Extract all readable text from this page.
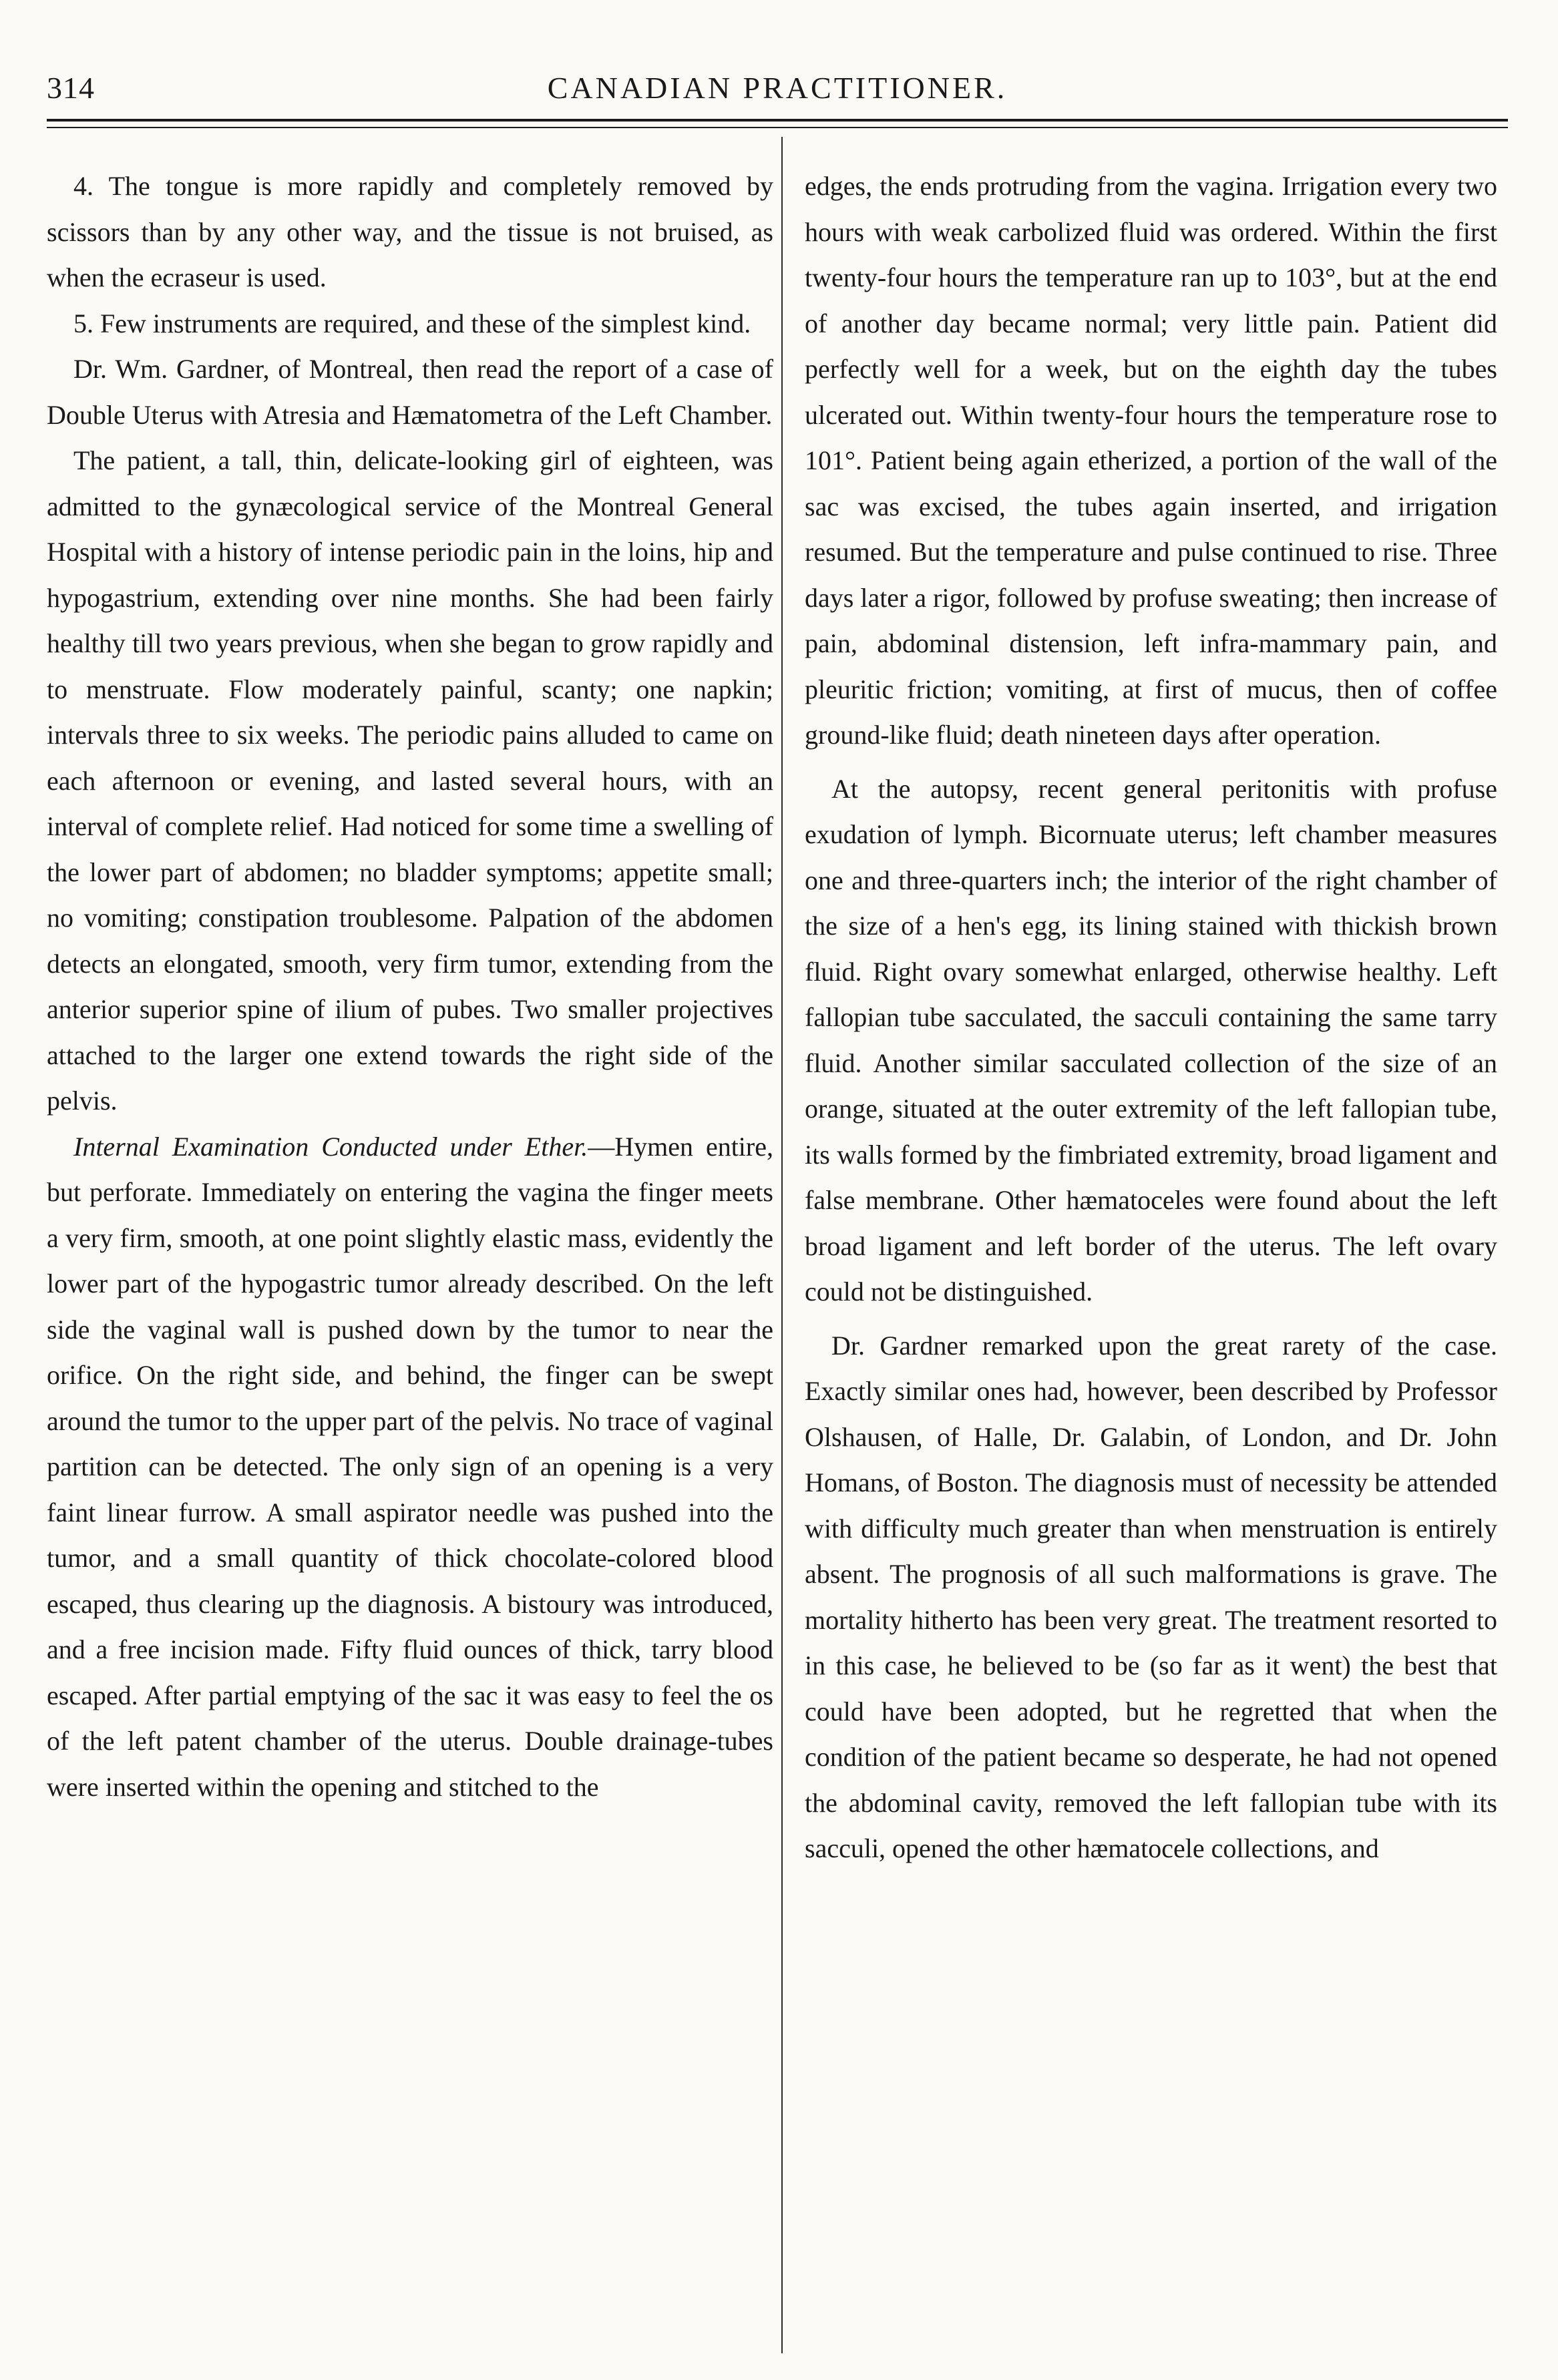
314	CANADIAN PRACTITIONER.

4. The tongue is more rapidly and completely removed by scissors than by any other way, and the tissue is not bruised, as when the ecraseur is used.

5. Few instruments are required, and these of the simplest kind.

Dr. Wm. Gardner, of Montreal, then read the report of a case of Double Uterus with Atresia and Hæmatometra of the Left Chamber.

The patient, a tall, thin, delicate-looking girl of eighteen, was admitted to the gynæcological service of the Montreal General Hospital with a history of intense periodic pain in the loins, hip and hypogastrium, extending over nine months. She had been fairly healthy till two years previous, when she began to grow rapidly and to menstruate. Flow moderately painful, scanty; one napkin; intervals three to six weeks. The periodic pains alluded to came on each afternoon or evening, and lasted several hours, with an interval of complete relief. Had noticed for some time a swelling of the lower part of abdomen; no bladder symptoms; appetite small; no vomiting; constipation troublesome. Palpation of the abdomen detects an elongated, smooth, very firm tumor, extending from the anterior superior spine of ilium of pubes. Two smaller projectives attached to the larger one extend towards the right side of the pelvis.

Internal Examination Conducted under Ether.—Hymen entire, but perforate. Immediately on entering the vagina the finger meets a very firm, smooth, at one point slightly elastic mass, evidently the lower part of the hypogastric tumor already described. On the left side the vaginal wall is pushed down by the tumor to near the orifice. On the right side, and behind, the finger can be swept around the tumor to the upper part of the pelvis. No trace of vaginal partition can be detected. The only sign of an opening is a very faint linear furrow. A small aspirator needle was pushed into the tumor, and a small quantity of thick chocolate-colored blood escaped, thus clearing up the diagnosis. A bistoury was introduced, and a free incision made. Fifty fluid ounces of thick, tarry blood escaped. After partial emptying of the sac it was easy to feel the os of the left patent chamber of the uterus. Double drainage-tubes were inserted within the opening and stitched to the

edges, the ends protruding from the vagina. Irrigation every two hours with weak carbolized fluid was ordered. Within the first twenty-four hours the temperature ran up to 103°, but at the end of another day became normal; very little pain. Patient did perfectly well for a week, but on the eighth day the tubes ulcerated out. Within twenty-four hours the temperature rose to 101°. Patient being again etherized, a portion of the wall of the sac was excised, the tubes again inserted, and irrigation resumed. But the temperature and pulse continued to rise. Three days later a rigor, followed by profuse sweating; then increase of pain, abdominal distension, left infra-mammary pain, and pleuritic friction; vomiting, at first of mucus, then of coffee ground-like fluid; death nineteen days after operation.

At the autopsy, recent general peritonitis with profuse exudation of lymph. Bicornuate uterus; left chamber measures one and three-quarters inch; the interior of the right chamber of the size of a hen's egg, its lining stained with thickish brown fluid. Right ovary somewhat enlarged, otherwise healthy. Left fallopian tube sacculated, the sacculi containing the same tarry fluid. Another similar sacculated collection of the size of an orange, situated at the outer extremity of the left fallopian tube, its walls formed by the fimbriated extremity, broad ligament and false membrane. Other hæmatoceles were found about the left broad ligament and left border of the uterus. The left ovary could not be distinguished.

Dr. Gardner remarked upon the great rarety of the case. Exactly similar ones had, however, been described by Professor Olshausen, of Halle, Dr. Galabin, of London, and Dr. John Homans, of Boston. The diagnosis must of necessity be attended with difficulty much greater than when menstruation is entirely absent. The prognosis of all such malformations is grave. The mortality hitherto has been very great. The treatment resorted to in this case, he believed to be (so far as it went) the best that could have been adopted, but he regretted that when the condition of the patient became so desperate, he had not opened the abdominal cavity, removed the left fallopian tube with its sacculi, opened the other hæmatocele collections, and
